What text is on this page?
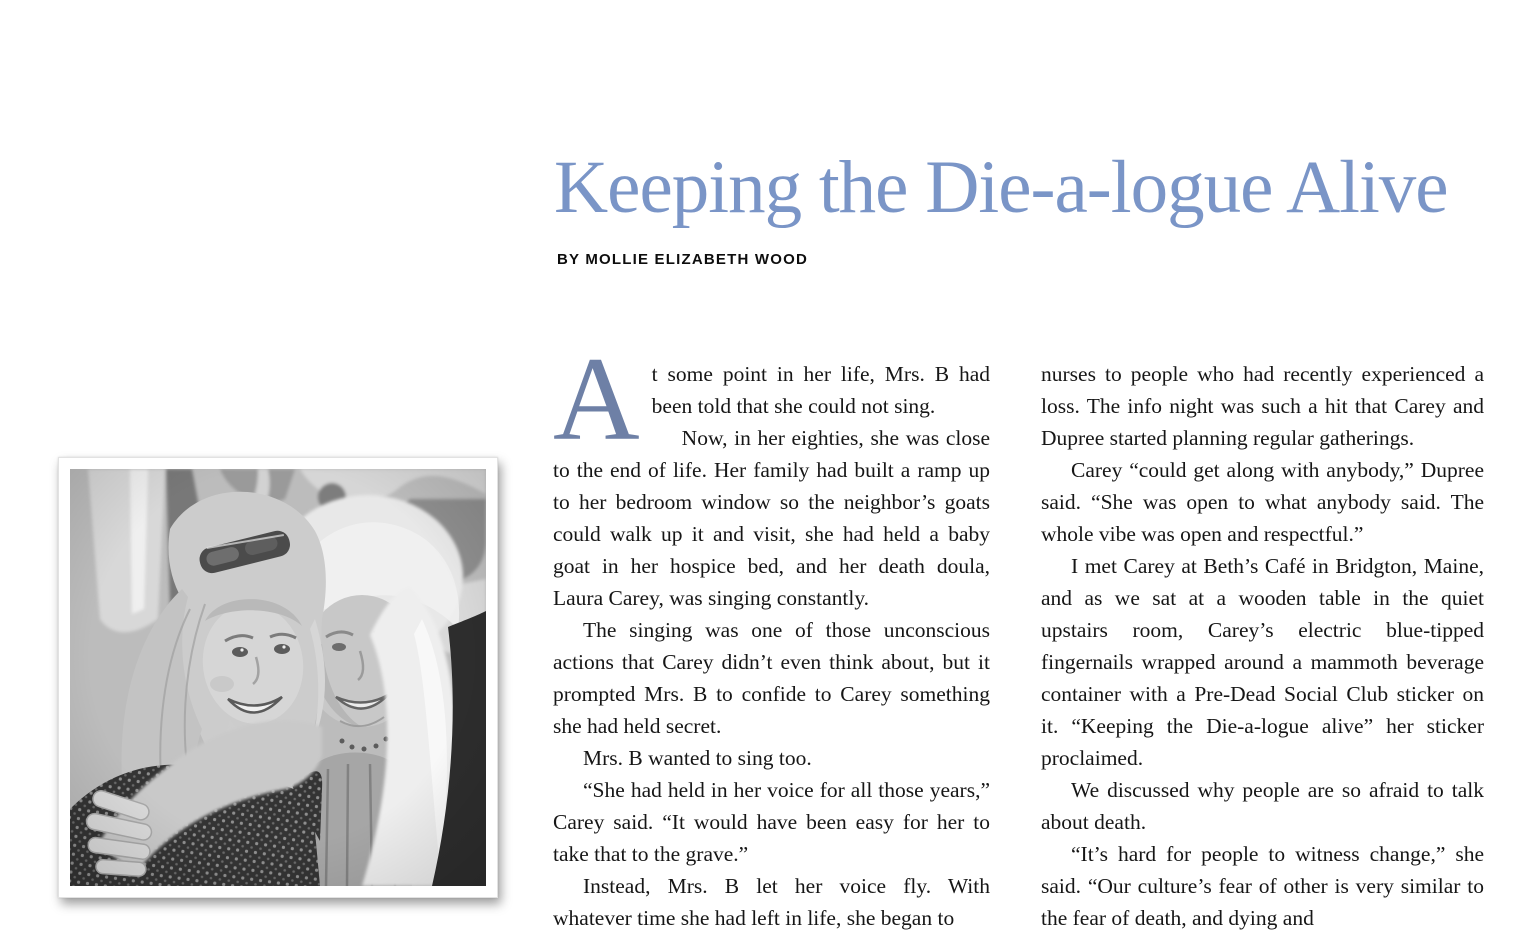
Keeping the Die-a-logue Alive
BY MOLLIE ELIZABETH WOOD

At some point in her life, Mrs. B had been told that she could not sing.

Now, in her eighties, she was close to the end of life. Her family had built a ramp up to her bedroom window so the neighbor’s goats could walk up it and visit, she had held a baby goat in her hospice bed, and her death doula, Laura Carey, was singing constantly.

The singing was one of those unconscious actions that Carey didn’t even think about, but it prompted Mrs. B to confide to Carey something she had held secret.

Mrs. B wanted to sing too.

“She had held in her voice for all those years,” Carey said. “It would have been easy for her to take that to the grave.”

Instead, Mrs. B let her voice fly. With whatever time she had left in life, she began to

nurses to people who had recently experienced a loss. The info night was such a hit that Carey and Dupree started planning regular gatherings.

Carey “could get along with anybody,” Dupree said. “She was open to what anybody said. The whole vibe was open and respectful.”

I met Carey at Beth’s Café in Bridgton, Maine, and as we sat at a wooden table in the quiet upstairs room, Carey’s electric blue-tipped fingernails wrapped around a mammoth beverage container with a Pre-Dead Social Club sticker on it. “Keeping the Die-a-logue alive” her sticker proclaimed.

We discussed why people are so afraid to talk about death.

“It’s hard for people to witness change,” she said. “Our culture’s fear of other is very similar to the fear of death, and dying and
